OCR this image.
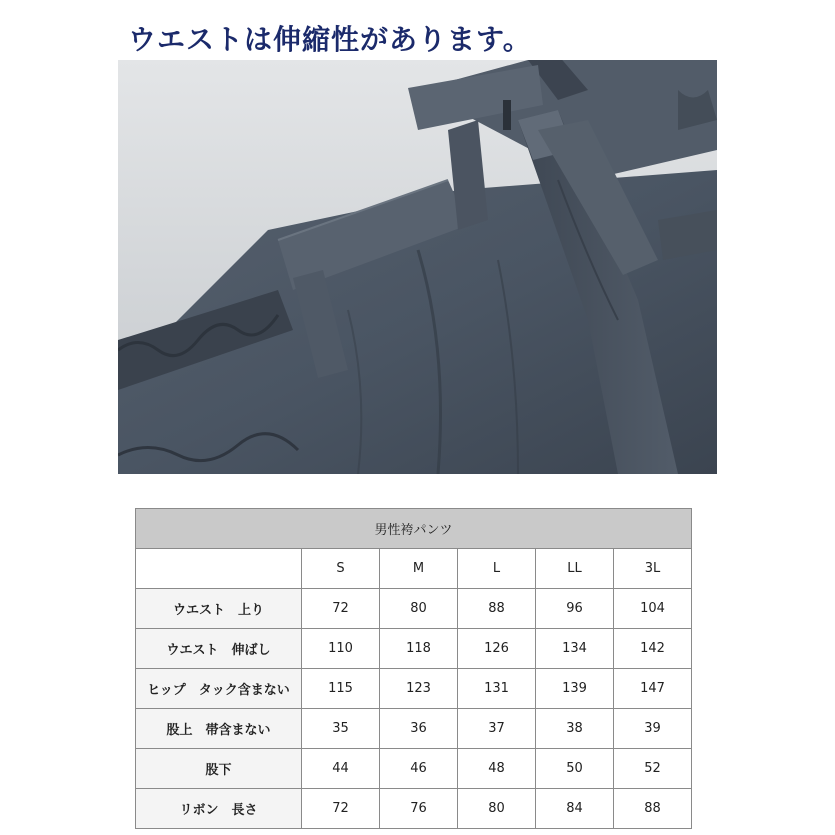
ウエストは伸縮性があります。
男性袴パンツ					
	S	M	L	LL	3L
ウエスト　上り	72	80	88	96	104
ウエスト　伸ばし	110	118	126	134	142
ヒップ　タック含まない	115	123	131	139	147
股上　帯含まない	35	36	37	38	39
股下	44	46	48	50	52
リボン　長さ	72	76	80	84	88
